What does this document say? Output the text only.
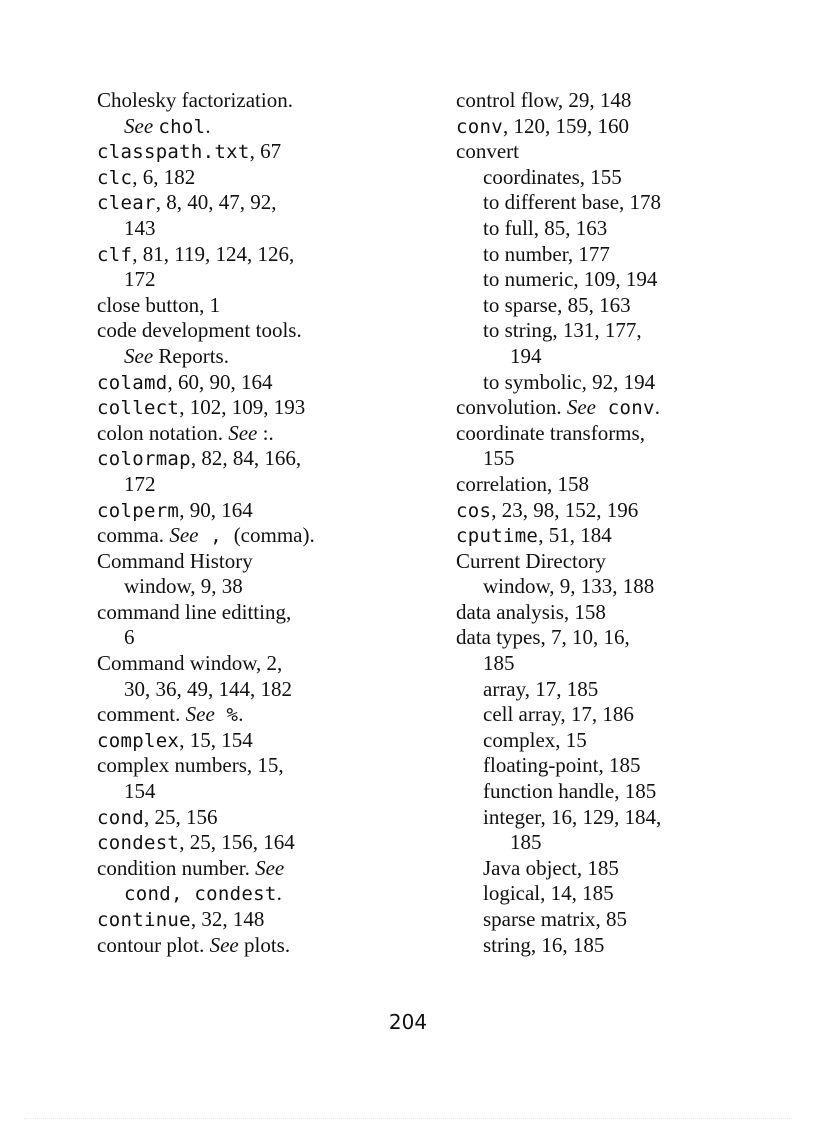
Cholesky factorization.
See chol.
classpath.txt, 67
clc, 6, 182
clear, 8, 40, 47, 92,
143
clf, 81, 119, 124, 126,
172
close button, 1
code development tools.
See Reports.
colamd, 60, 90, 164
collect, 102, 109, 193
colon notation. See :.
colormap, 82, 84, 166,
172
colperm, 90, 164
comma. See , (comma).
Command History
window, 9, 38
command line editting,
6
Command window, 2,
30, 36, 49, 144, 182
comment. See %.
complex, 15, 154
complex numbers, 15,
154
cond, 25, 156
condest, 25, 156, 164
condition number. See
cond, condest.
continue, 32, 148
contour plot. See plots.
control flow, 29, 148
conv, 120, 159, 160
convert
coordinates, 155
to different base, 178
to full, 85, 163
to number, 177
to numeric, 109, 194
to sparse, 85, 163
to string, 131, 177,
194
to symbolic, 92, 194
convolution. See conv.
coordinate transforms,
155
correlation, 158
cos, 23, 98, 152, 196
cputime, 51, 184
Current Directory
window, 9, 133, 188
data analysis, 158
data types, 7, 10, 16,
185
array, 17, 185
cell array, 17, 186
complex, 15
floating-point, 185
function handle, 185
integer, 16, 129, 184,
185
Java object, 185
logical, 14, 185
sparse matrix, 85
string, 16, 185
204
